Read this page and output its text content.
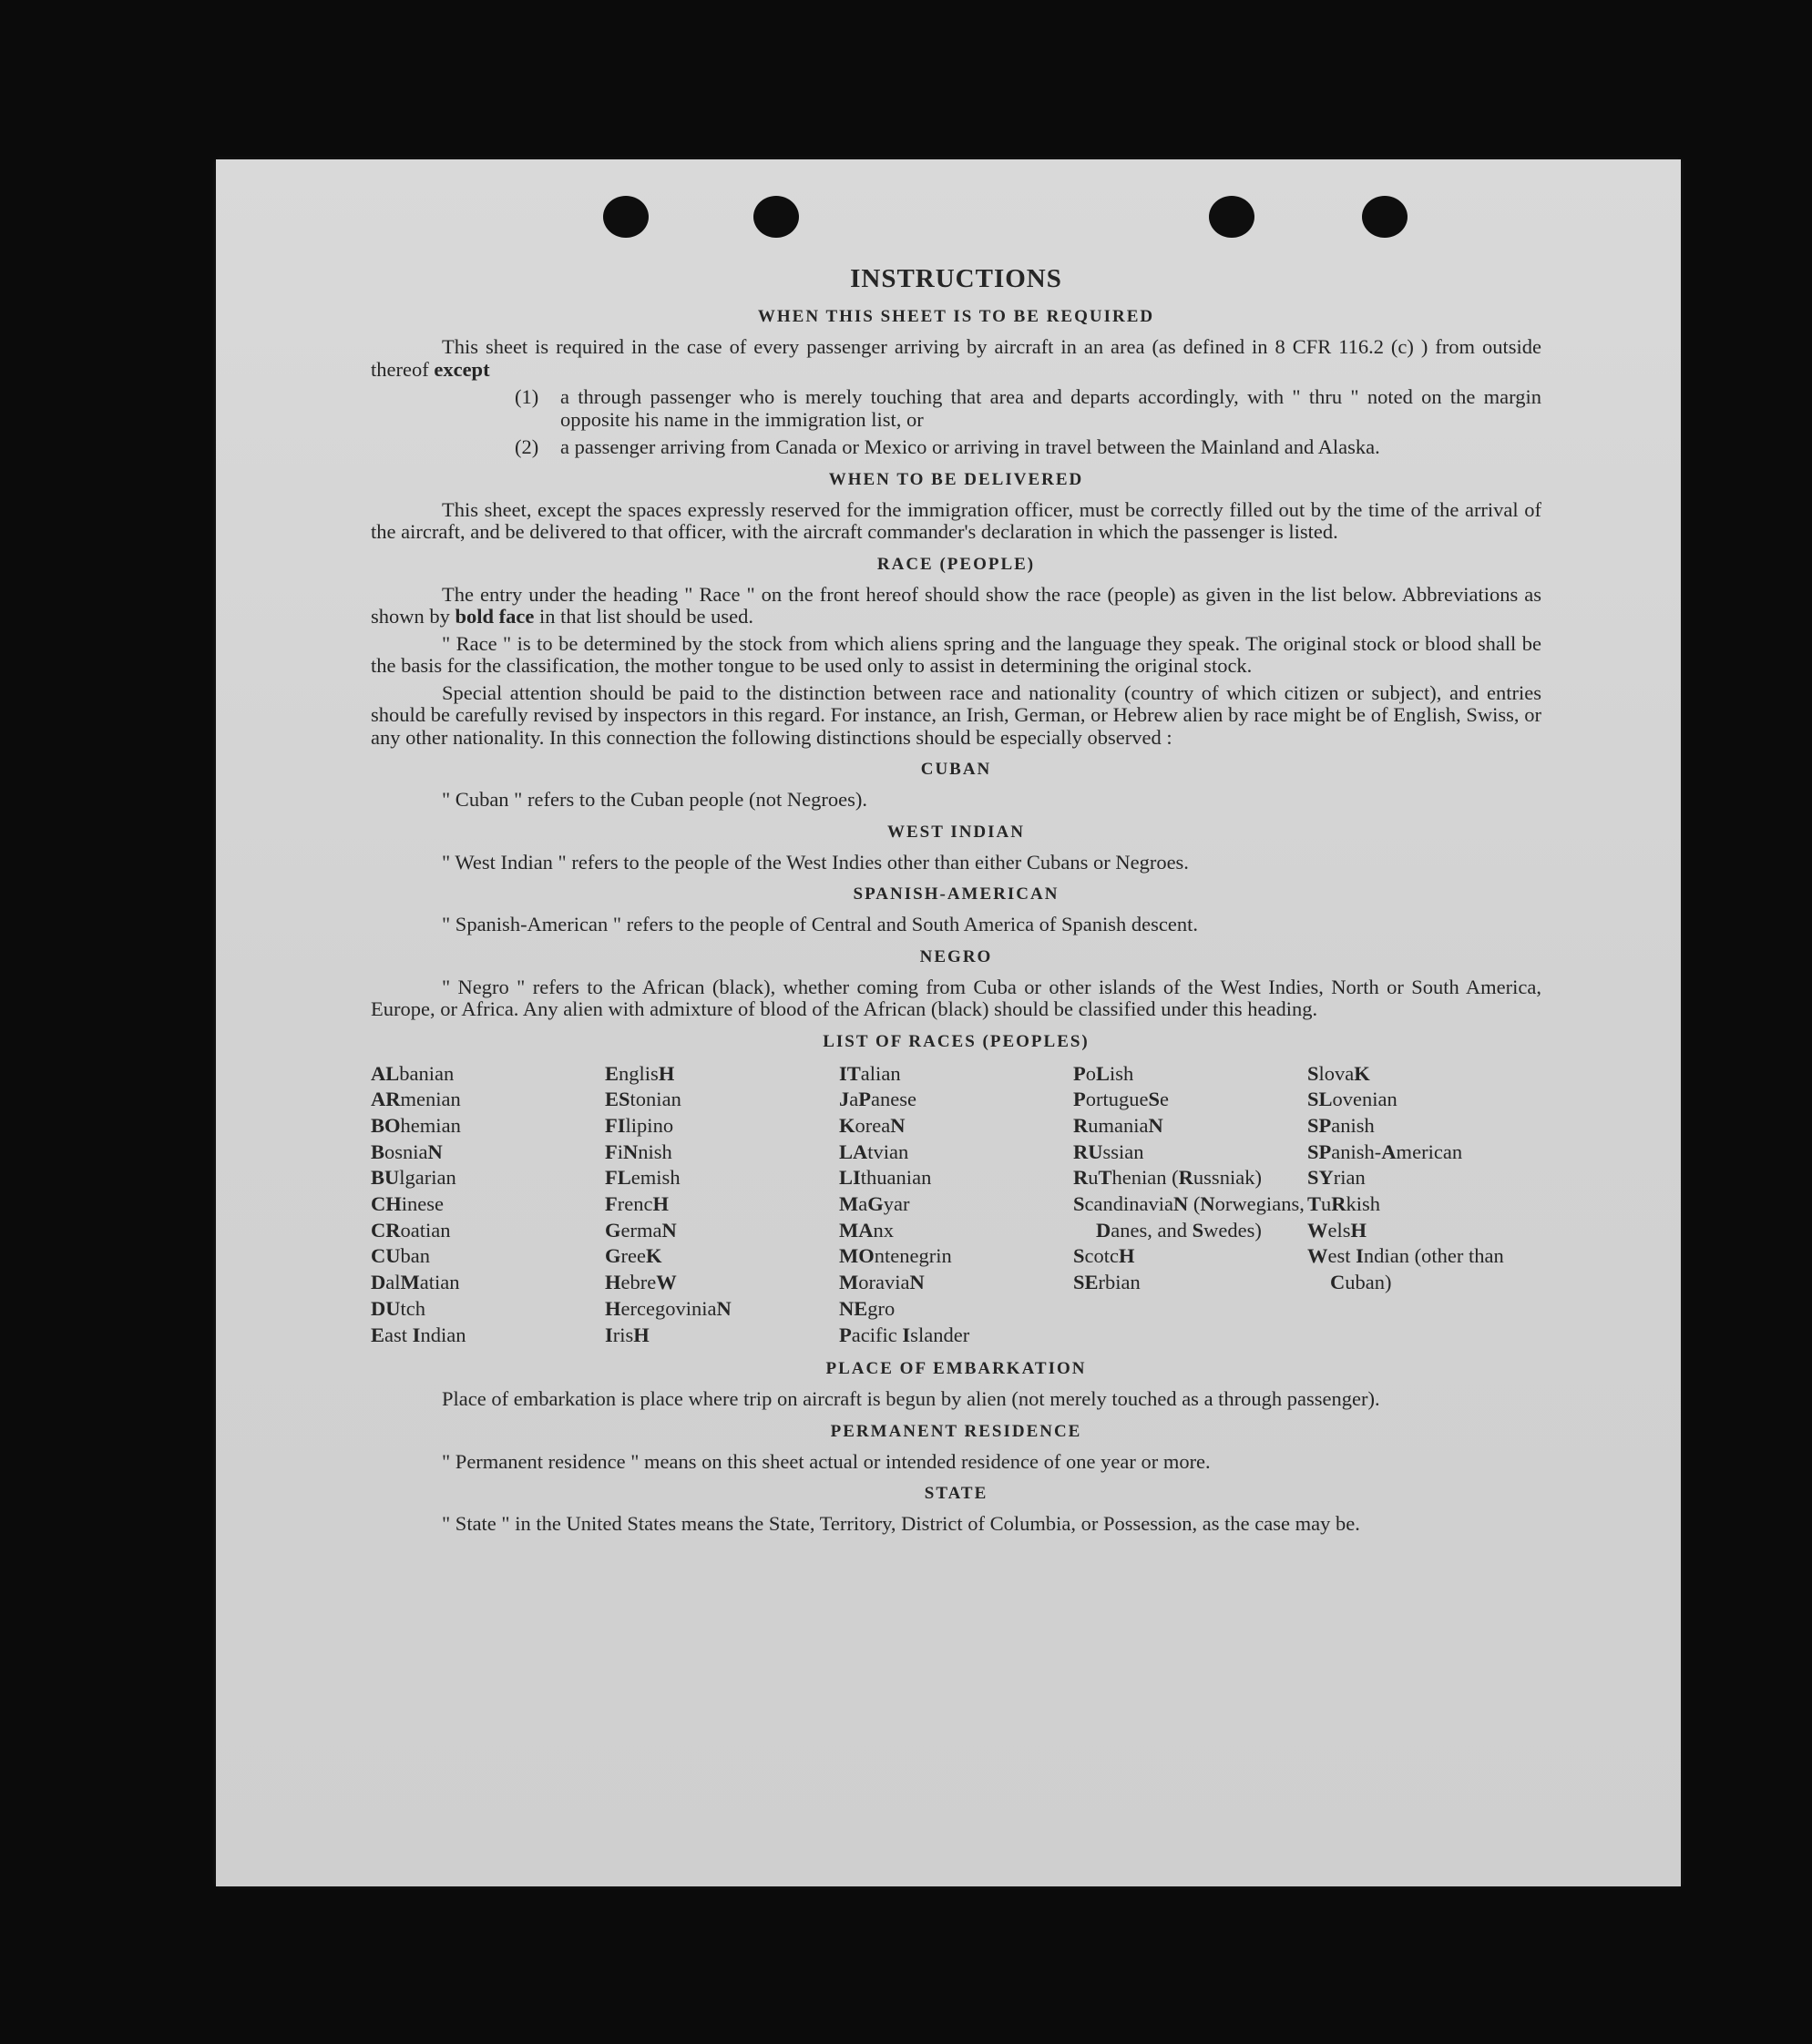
INSTRUCTIONS
WHEN THIS SHEET IS TO BE REQUIRED

This sheet is required in the case of every passenger arriving by aircraft in an area (as defined in 8 CFR 116.2 (c) ) from outside thereof except

(1)	a through passenger who is merely touching that area and departs accordingly, with " thru " noted on the margin opposite his name in the immigration list, or
(2)	a passenger arriving from Canada or Mexico or arriving in travel between the Mainland and Alaska.
WHEN TO BE DELIVERED

This sheet, except the spaces expressly reserved for the immigration officer, must be correctly filled out by the time of the arrival of the aircraft, and be delivered to that officer, with the aircraft commander's declaration in which the passenger is listed.

RACE (PEOPLE)

The entry under the heading " Race " on the front hereof should show the race (people) as given in the list below. Abbreviations as shown by bold face in that list should be used.

" Race " is to be determined by the stock from which aliens spring and the language they speak. The original stock or blood shall be the basis for the classification, the mother tongue to be used only to assist in determining the original stock.

Special attention should be paid to the distinction between race and nationality (country of which citizen or subject), and entries should be carefully revised by inspectors in this regard. For instance, an Irish, German, or Hebrew alien by race might be of English, Swiss, or any other nationality. In this connection the following distinctions should be especially observed :

CUBAN

" Cuban " refers to the Cuban people (not Negroes).

WEST INDIAN

" West Indian " refers to the people of the West Indies other than either Cubans or Negroes.

SPANISH-AMERICAN

" Spanish-American " refers to the people of Central and South America of Spanish descent.

NEGRO

" Negro " refers to the African (black), whether coming from Cuba or other islands of the West Indies, North or South America, Europe, or Africa. Any alien with admixture of blood of the African (black) should be classified under this heading.

LIST OF RACES (PEOPLES)
ALbanian
ARmenian
BOhemian
BosniaN
BUlgarian
CHinese
CRoatian
CUban
DalMatian
DUtch
East Indian
EnglisH
EStonian
FIlipino
FiNnish
FLemish
FrencH
GermaN
GreeK
HebreW
HercegoviniaN
IrisH
ITalian
JaPanese
KoreaN
LAtvian
LIthuanian
MaGyar
MAnx
MOntenegrin
MoraviaN
NEgro
Pacific Islander
PoLish
PortugueSe
RumaniaN
RUssian
RuThenian (Russniak)
ScandinaviaN (Norwegians, Danes, and Swedes)
ScotcH
SErbian
SlovaK
SLovenian
SPanish
SPanish-American
SYrian
TuRkish
WelsH
West Indian (other than Cuban)
PLACE OF EMBARKATION

Place of embarkation is place where trip on aircraft is begun by alien (not merely touched as a through passenger).

PERMANENT RESIDENCE

" Permanent residence " means on this sheet actual or intended residence of one year or more.

STATE

" State " in the United States means the State, Territory, District of Columbia, or Possession, as the case may be.
